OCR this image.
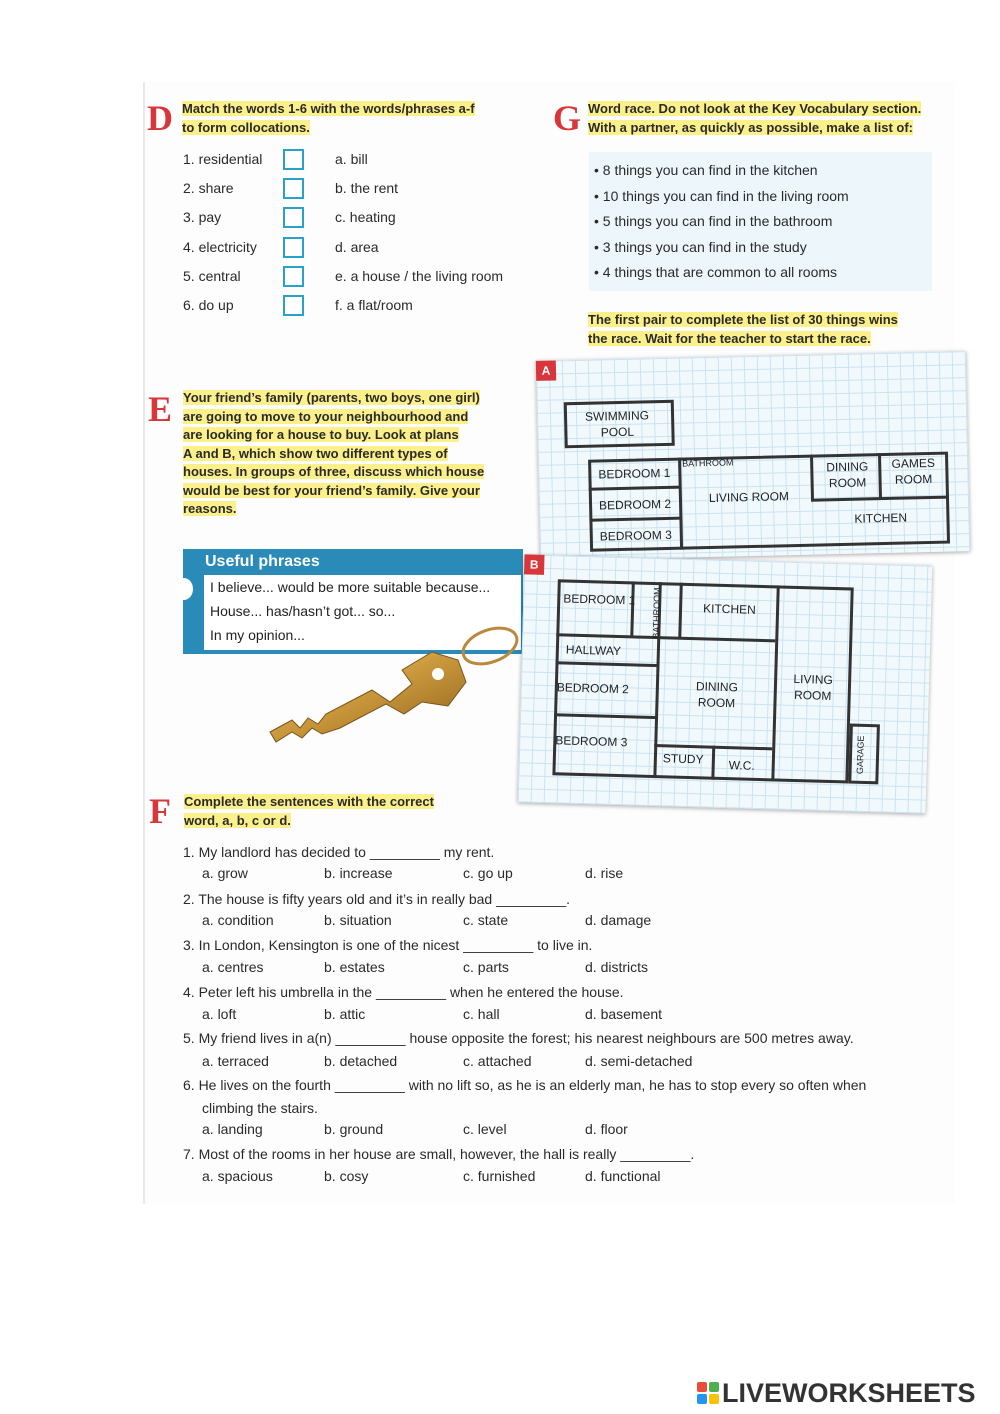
D Match the words 1-6 with the words/phrases a-f
to form collocations.
1. residential	a. bill
2. share	b. the rent
3. pay	c. heating
4. electricity	d. area
5. central	e. a house / the living room
6. do up	f. a flat/room
G Word race. Do not look at the Key Vocabulary section.
With a partner, as quickly as possible, make a list of:
• 8 things you can find in the kitchen
• 10 things you can find in the living room
• 5 things you can find in the bathroom
• 3 things you can find in the study
• 4 things that are common to all rooms
The first pair to complete the list of 30 things wins
the race. Wait for the teacher to start the race.
E Your friend’s family (parents, two boys, one girl)
are going to move to your neighbourhood and
are looking for a house to buy. Look at plans
A and B, which show two different types of
houses. In groups of three, discuss which house
would be best for your friend’s family. Give your
reasons.
Useful phrases
I believe... would be more suitable because...
House... has/hasn’t got... so...
In my opinion...
A
SWIMMING
POOL
BATHROOM
BEDROOM 1
BEDROOM 2
BEDROOM 3
LIVING ROOM
DINING
ROOM
GAMES
ROOM
KITCHEN
B
BEDROOM 1 BATHROOM	KITCHEN
HALLWAY
BEDROOM 2	DINING
ROOM
LIVING
ROOM
BEDROOM 3
STUDY W.C.	GARAGE
F Complete the sentences with the correct
word, a, b, c or d.
1. My landlord has decided to _________ my rent.
a. grow	b. increase	c. go up	d. rise
2. The house is fifty years old and it’s in really bad _________.
a. condition	b. situation	c. state	d. damage
3. In London, Kensington is one of the nicest _________ to live in.
a. centres	b. estates	c. parts	d. districts
4. Peter left his umbrella in the _________ when he entered the house.
a. loft	b. attic	c. hall	d. basement
5. My friend lives in a(n) _________ house opposite the forest; his nearest neighbours are 500 metres away.
a. terraced	b. detached	c. attached	d. semi-detached
6. He lives on the fourth _________ with no lift so, as he is an elderly man, he has to stop every so often when
climbing the stairs.
a. landing	b. ground	c. level	d. floor
7. Most of the rooms in her house are small, however, the hall is really _________.
a. spacious	b. cosy	c. furnished	d. functional
LIVEWORKSHEETS
